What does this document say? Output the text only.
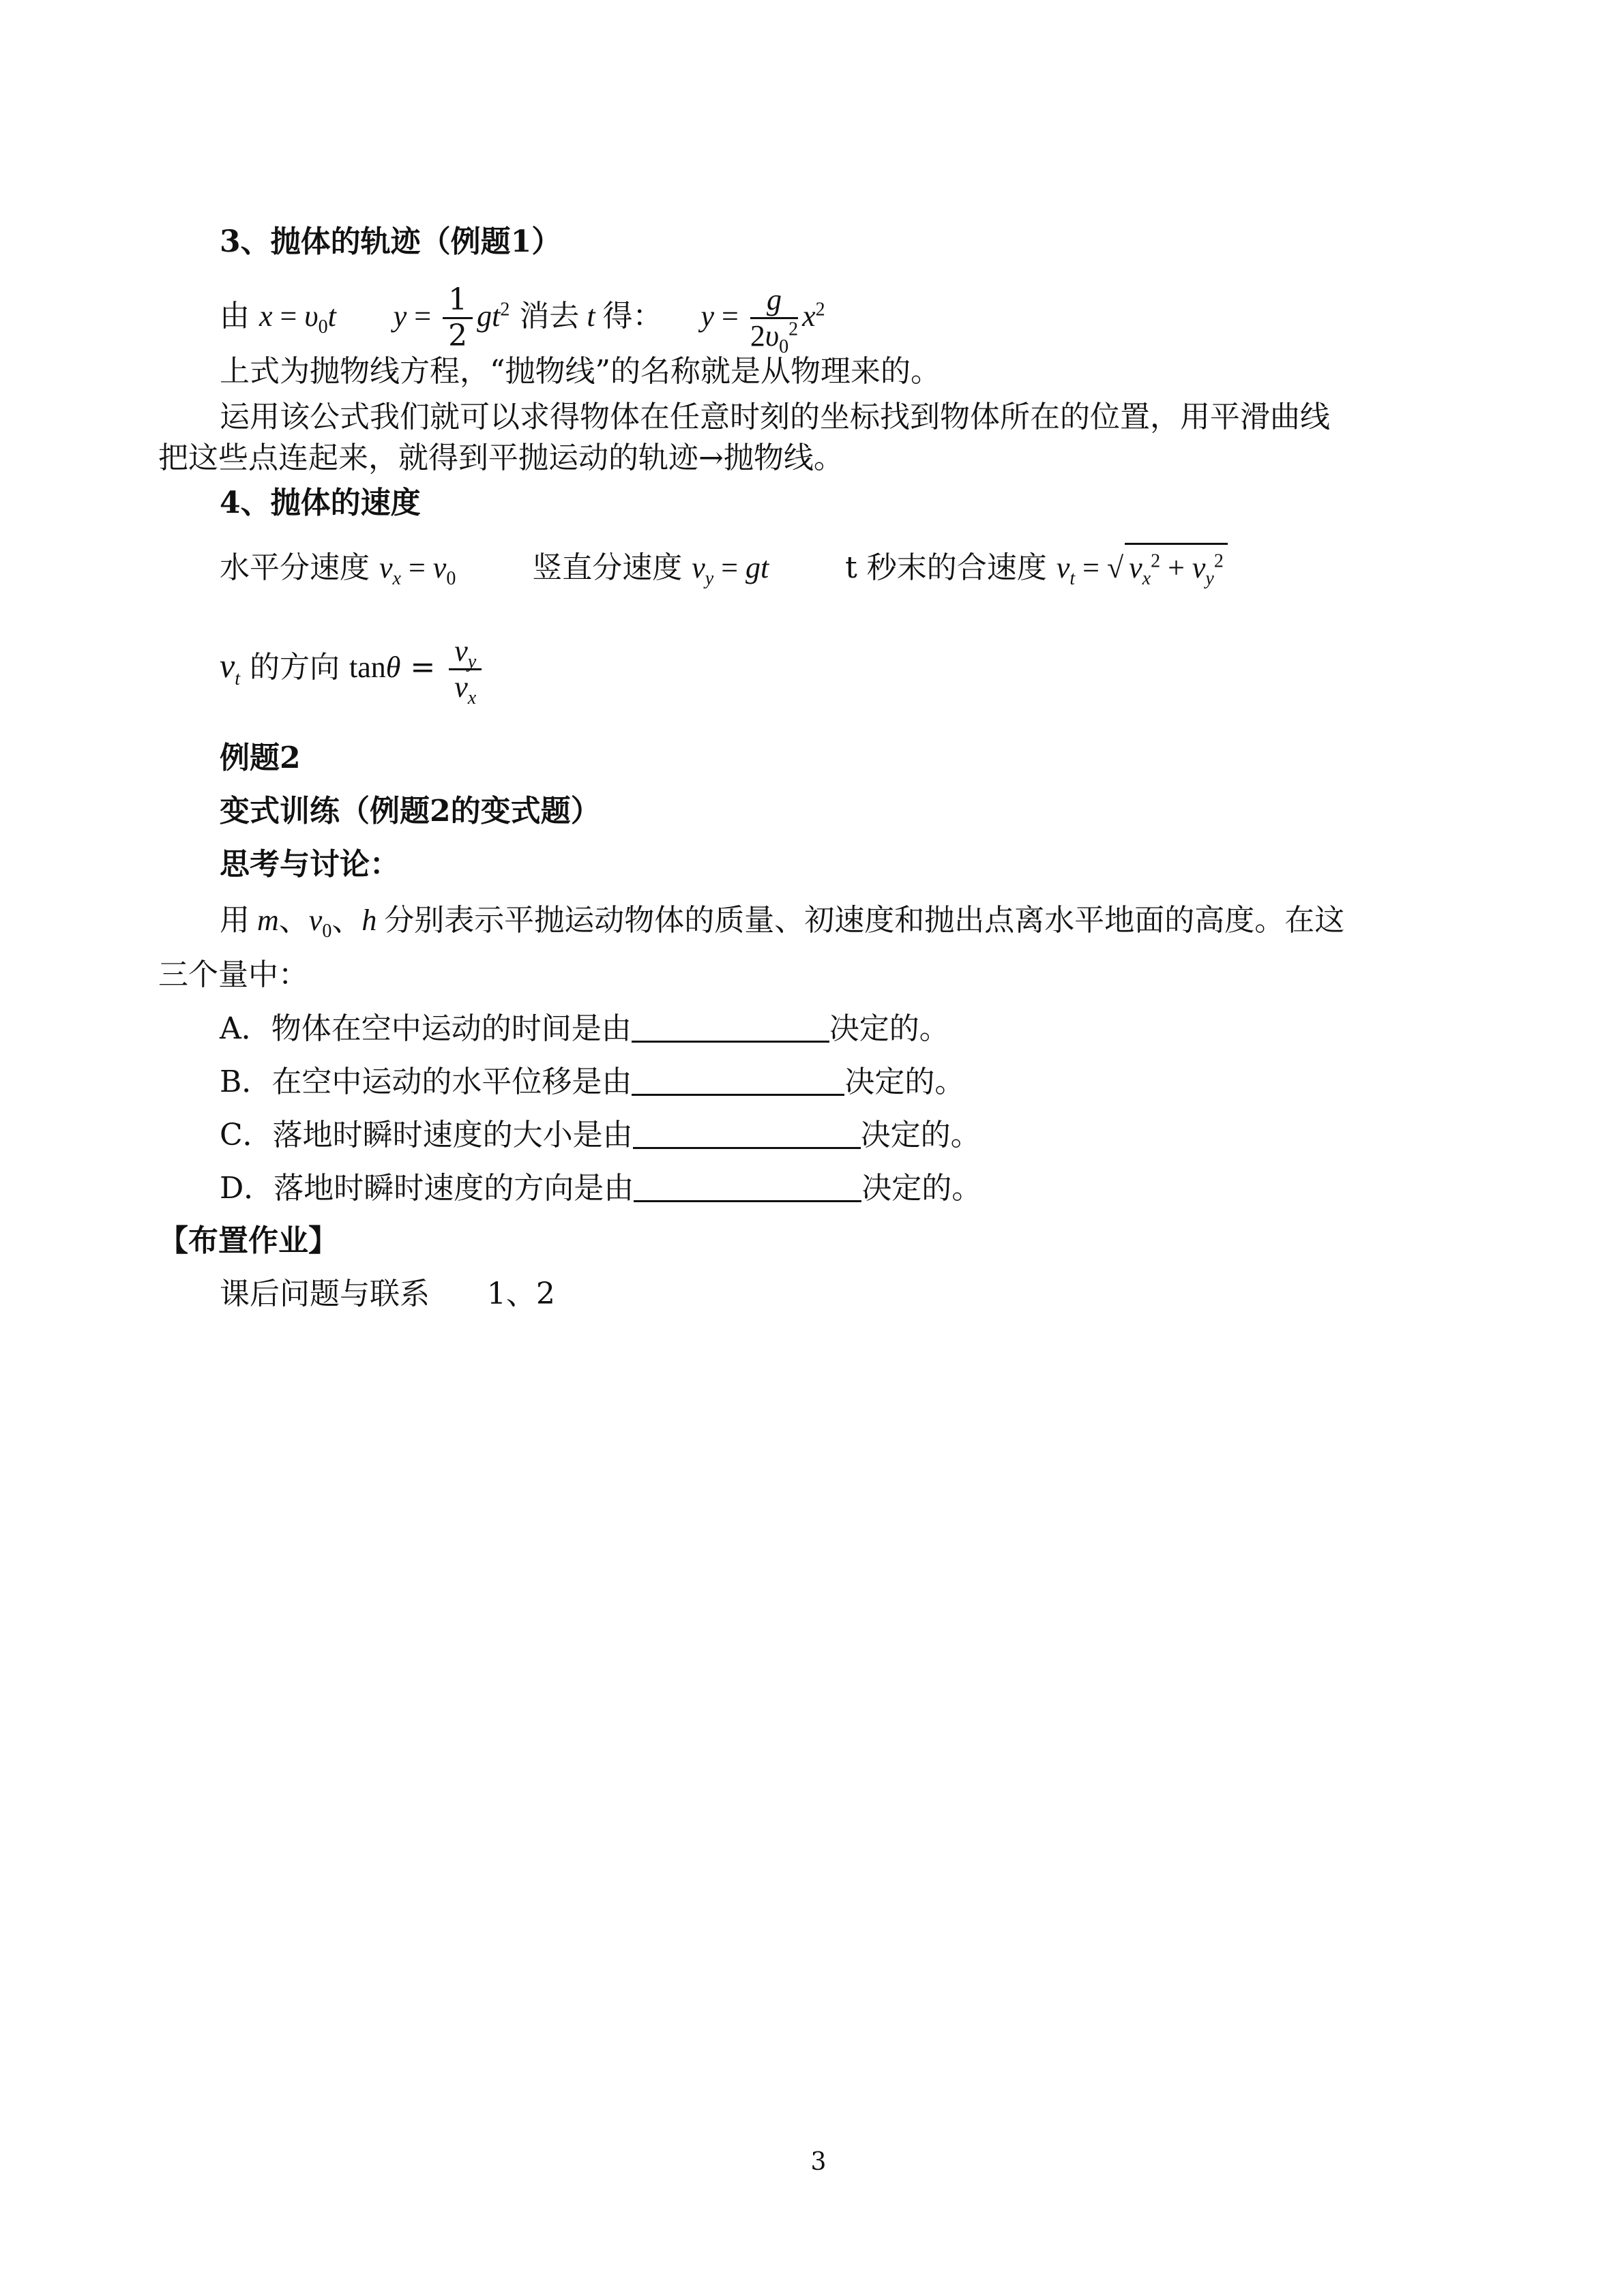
3、抛体的轨迹（例题1）
由 $x = \upsilon_0t$ $y = \frac{1}{2} gt^2$ 消去 t 得： $y = \frac{g}{2\upsilon_0^2} x^2$
上式为抛物线方程，“抛物线”的名称就是从物理来的。
运用该公式我们就可以求得物体在任意时刻的坐标找到物体所在的位置，用平滑曲线
把这些点连起来，就得到平抛运动的轨迹→抛物线。
4、抛体的速度
水平分速度 $v_x = v_0$	竖直分速度 $v_y$ = gt	t 秒末的合速度 $v_t$ = √ $v_x^2 + v_y^2$
$v_t$ 的方向 $\tan\theta = \frac{v_y}{v_x}$
例题2
变式训练（例题2的变式题）
思考与讨论：
用 m、$v_0$、h 分别表示平抛运动物体的质量、初速度和抛出点离水平地面的高度。在这
三个量中：
A．物体在空中运动的时间是由	决定的。
B．在空中运动的水平位移是由	决定的。
C．落地时瞬时速度的大小是由	决定的。
D．落地时瞬时速度的方向是由	决定的。
【布置作业】
课后问题与联系 1、2
3
